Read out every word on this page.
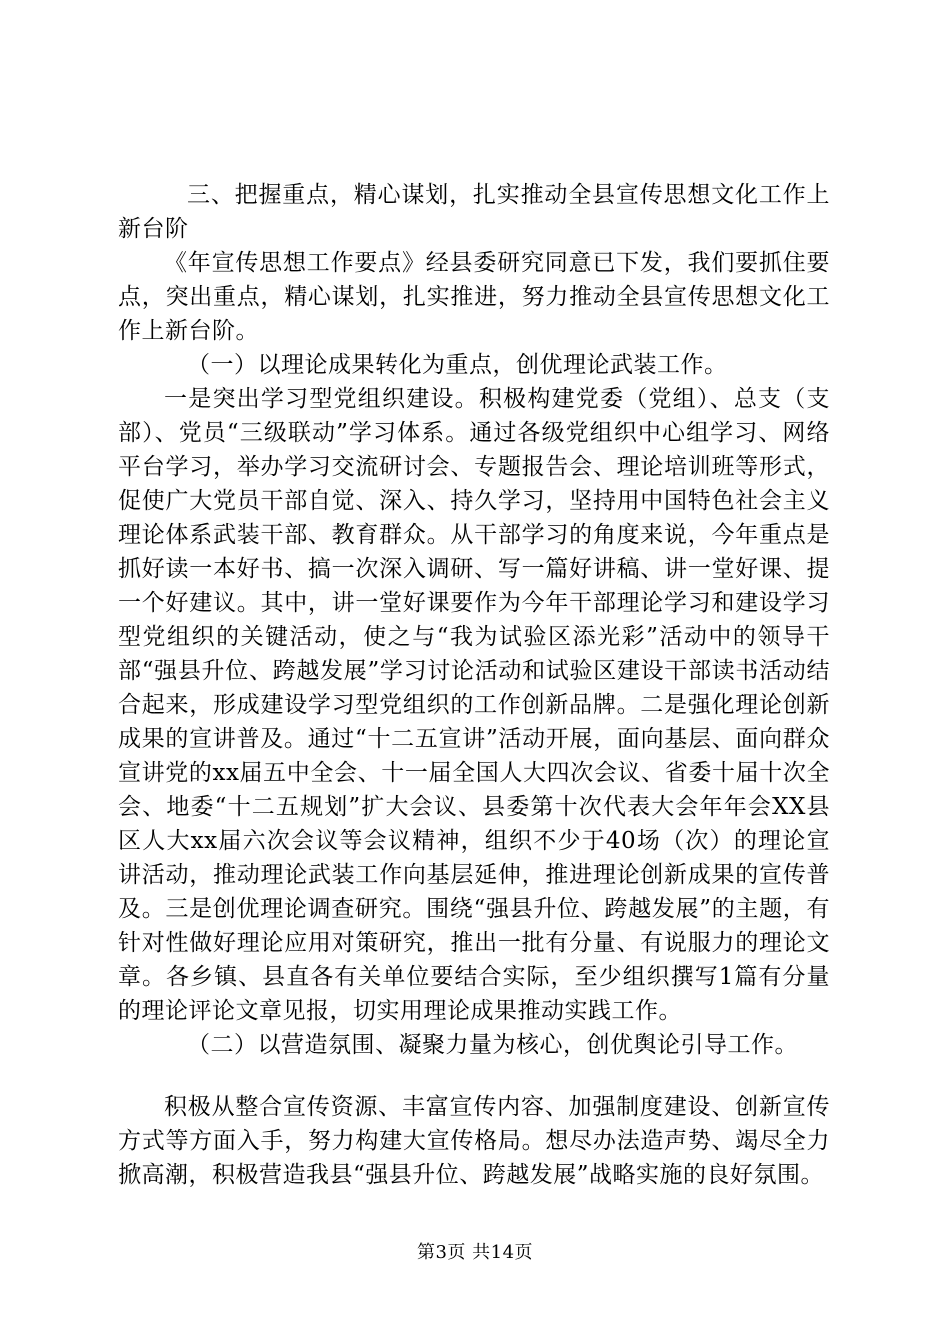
三、把握重点，精心谋划，扎实推动全县宣传思想文化工作上新台阶

《年宣传思想工作要点》经县委研究同意已下发，我们要抓住要点，突出重点，精心谋划，扎实推进，努力推动全县宣传思想文化工作上新台阶。

（一）以理论成果转化为重点，创优理论武装工作。

一是突出学习型党组织建设。积极构建党委（党组）、总支（支部）、党员“三级联动”学习体系。通过各级党组织中心组学习、网络平台学习，举办学习交流研讨会、专题报告会、理论培训班等形式，促使广大党员干部自觉、深入、持久学习，坚持用中国特色社会主义理论体系武装干部、教育群众。从干部学习的角度来说，今年重点是抓好读一本好书、搞一次深入调研、写一篇好讲稿、讲一堂好课、提一个好建议。其中，讲一堂好课要作为今年干部理论学习和建设学习型党组织的关键活动，使之与“我为试验区添光彩”活动中的领导干部“强县升位、跨越发展”学习讨论活动和试验区建设干部读书活动结合起来，形成建设学习型党组织的工作创新品牌。二是强化理论创新成果的宣讲普及。通过“十二五宣讲”活动开展，面向基层、面向群众宣讲党的xx届五中全会、十一届全国人大四次会议、省委十届十次全会、地委“十二五规划”扩大会议、县委第十次代表大会年年会XX县区人大xx届六次会议等会议精神，组织不少于40场（次）的理论宣讲活动，推动理论武装工作向基层延伸，推进理论创新成果的宣传普及。三是创优理论调查研究。围绕“强县升位、跨越发展”的主题，有针对性做好理论应用对策研究，推出一批有分量、有说服力的理论文章。各乡镇、县直各有关单位要结合实际，至少组织撰写1篇有分量的理论评论文章见报，切实用理论成果推动实践工作。

（二）以营造氛围、凝聚力量为核心，创优舆论引导工作。

积极从整合宣传资源、丰富宣传内容、加强制度建设、创新宣传方式等方面入手，努力构建大宣传格局。想尽办法造声势、竭尽全力掀高潮，积极营造我县“强县升位、跨越发展”战略实施的良好氛围。

第3页 共14页
